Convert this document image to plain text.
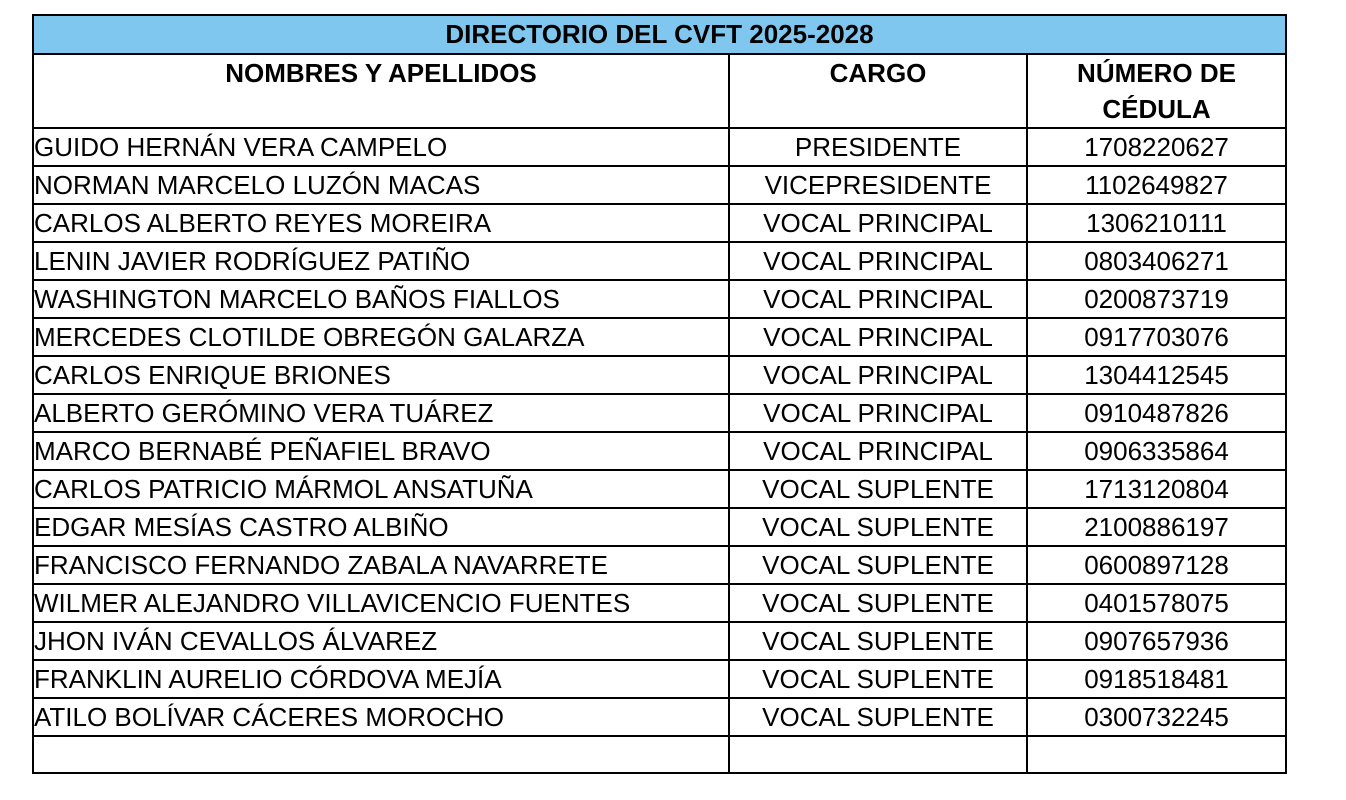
DIRECTORIO DEL CVFT 2025-2028		
NOMBRES Y APELLIDOS	CARGO	NÚMERO DE
CÉDULA
GUIDO HERNÁN VERA CAMPELO	PRESIDENTE	1708220627
NORMAN MARCELO LUZÓN MACAS	VICEPRESIDENTE	1102649827
CARLOS ALBERTO REYES MOREIRA	VOCAL PRINCIPAL	1306210111
LENIN JAVIER RODRÍGUEZ PATIÑO	VOCAL PRINCIPAL	0803406271
WASHINGTON MARCELO BAÑOS FIALLOS	VOCAL PRINCIPAL	0200873719
MERCEDES CLOTILDE OBREGÓN GALARZA	VOCAL PRINCIPAL	0917703076
CARLOS ENRIQUE BRIONES	VOCAL PRINCIPAL	1304412545
ALBERTO GERÓMINO VERA TUÁREZ	VOCAL PRINCIPAL	0910487826
MARCO BERNABÉ PEÑAFIEL BRAVO	VOCAL PRINCIPAL	0906335864
CARLOS PATRICIO MÁRMOL ANSATUÑA	VOCAL SUPLENTE	1713120804
EDGAR MESÍAS CASTRO ALBIÑO	VOCAL SUPLENTE	2100886197
FRANCISCO FERNANDO ZABALA NAVARRETE	VOCAL SUPLENTE	0600897128
WILMER ALEJANDRO VILLAVICENCIO FUENTES	VOCAL SUPLENTE	0401578075
JHON IVÁN CEVALLOS ÁLVAREZ	VOCAL SUPLENTE	0907657936
FRANKLIN AURELIO CÓRDOVA MEJÍA	VOCAL SUPLENTE	0918518481
ATILO BOLÍVAR CÁCERES MOROCHO	VOCAL SUPLENTE	0300732245
